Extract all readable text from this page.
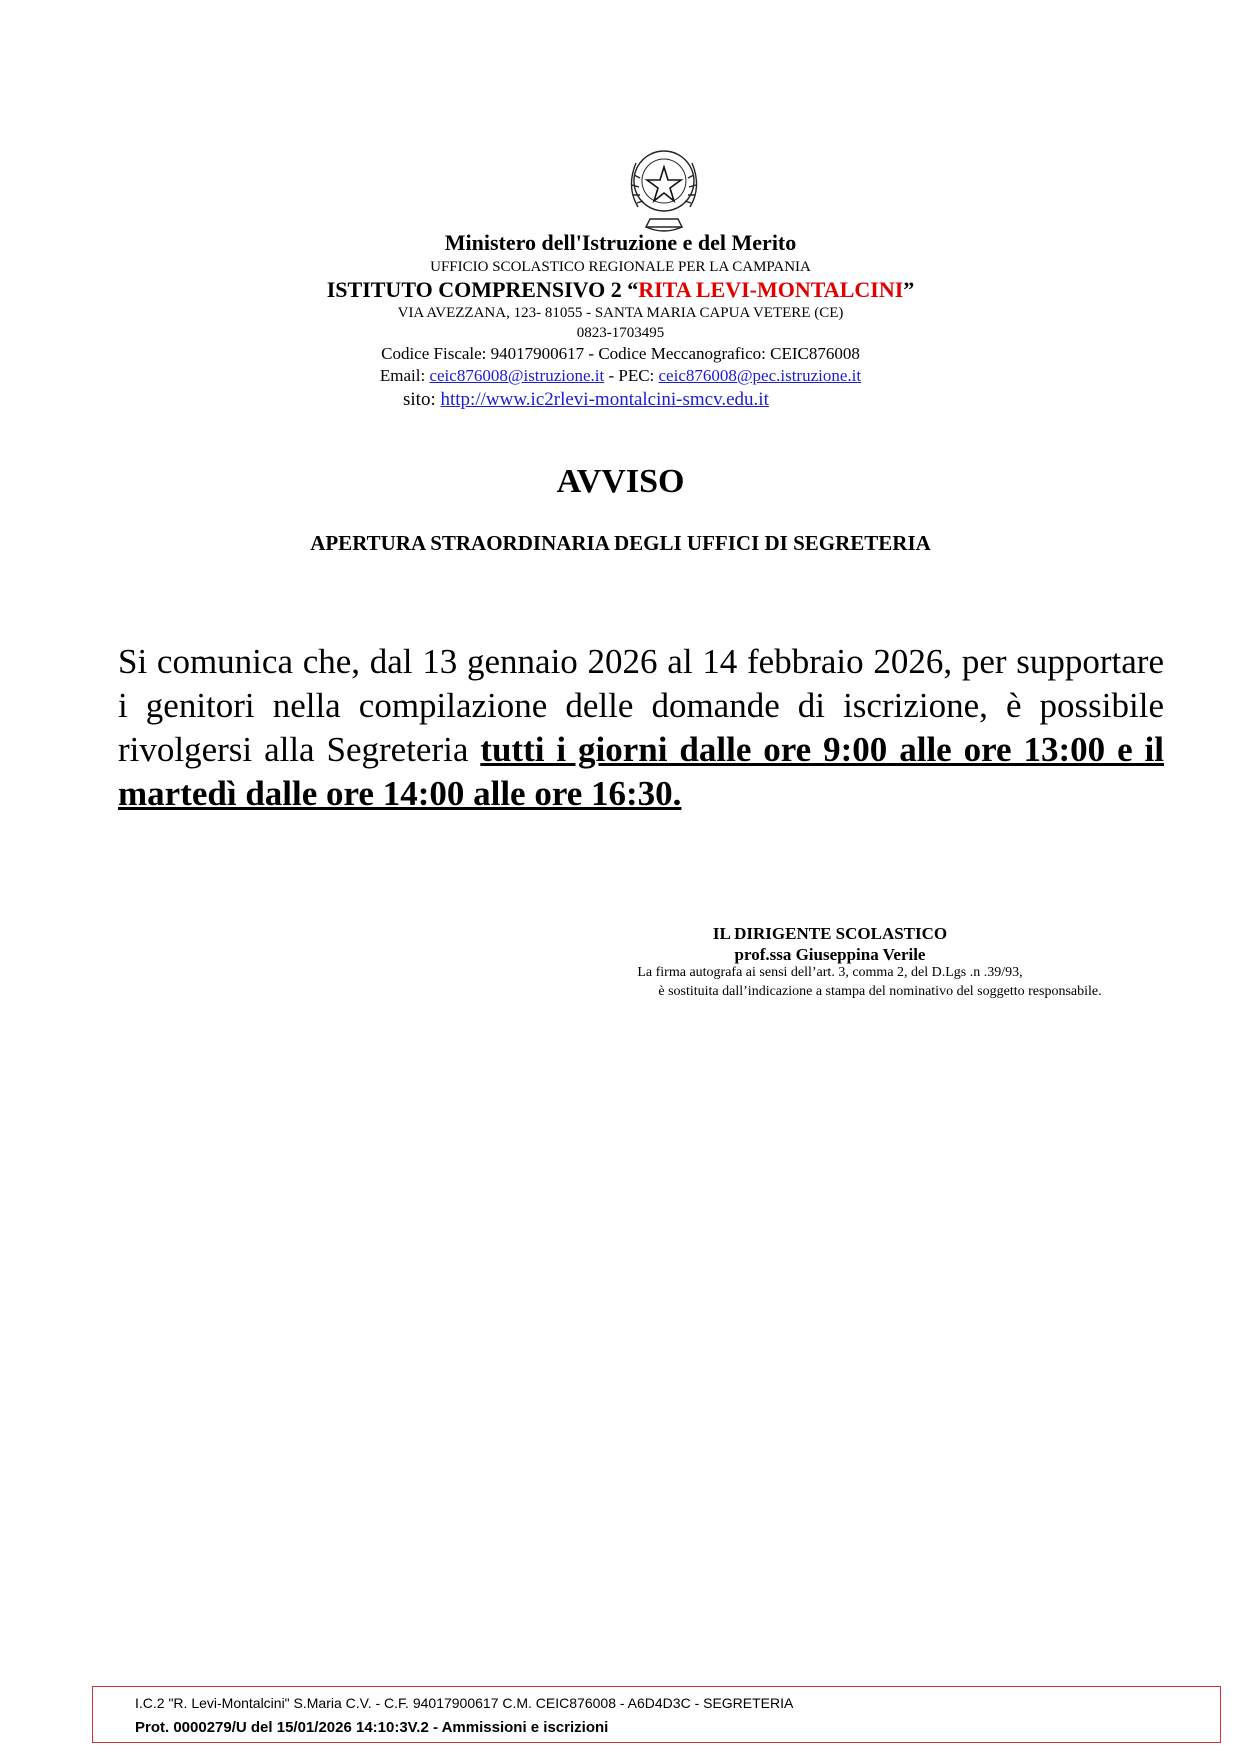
Ministero dell'Istruzione e del Merito
UFFICIO SCOLASTICO REGIONALE PER LA CAMPANIA
ISTITUTO COMPRENSIVO 2 “RITA LEVI-MONTALCINI”
VIA AVEZZANA, 123- 81055 - SANTA MARIA CAPUA VETERE (CE)
0823-1703495
Codice Fiscale: 94017900617 - Codice Meccanografico: CEIC876008
Email: ceic876008@istruzione.it - PEC: ceic876008@pec.istruzione.it
sito: http://www.ic2rlevi-montalcini-smcv.edu.it
AVVISO
APERTURA STRAORDINARIA DEGLI UFFICI DI SEGRETERIA
Si comunica che, dal 13 gennaio 2026 al 14 febbraio 2026, per supportare i genitori nella compilazione delle domande di iscrizione, è possibile rivolgersi alla Segreteria tutti i giorni dalle ore 9:00 alle ore 13:00 e il martedì dalle ore 14:00 alle ore 16:30.
IL DIRIGENTE SCOLASTICO
prof.ssa Giuseppina Verile
La firma autografa ai sensi dell’art. 3, comma 2, del D.Lgs .n .39/93,
è sostituita dall’indicazione a stampa del nominativo del soggetto responsabile.
I.C.2 "R. Levi-Montalcini" S.Maria C.V. - C.F. 94017900617 C.M. CEIC876008 - A6D4D3C - SEGRETERIA
Prot. 0000279/U del 15/01/2026 14:10:3V.2 - Ammissioni e iscrizioni
